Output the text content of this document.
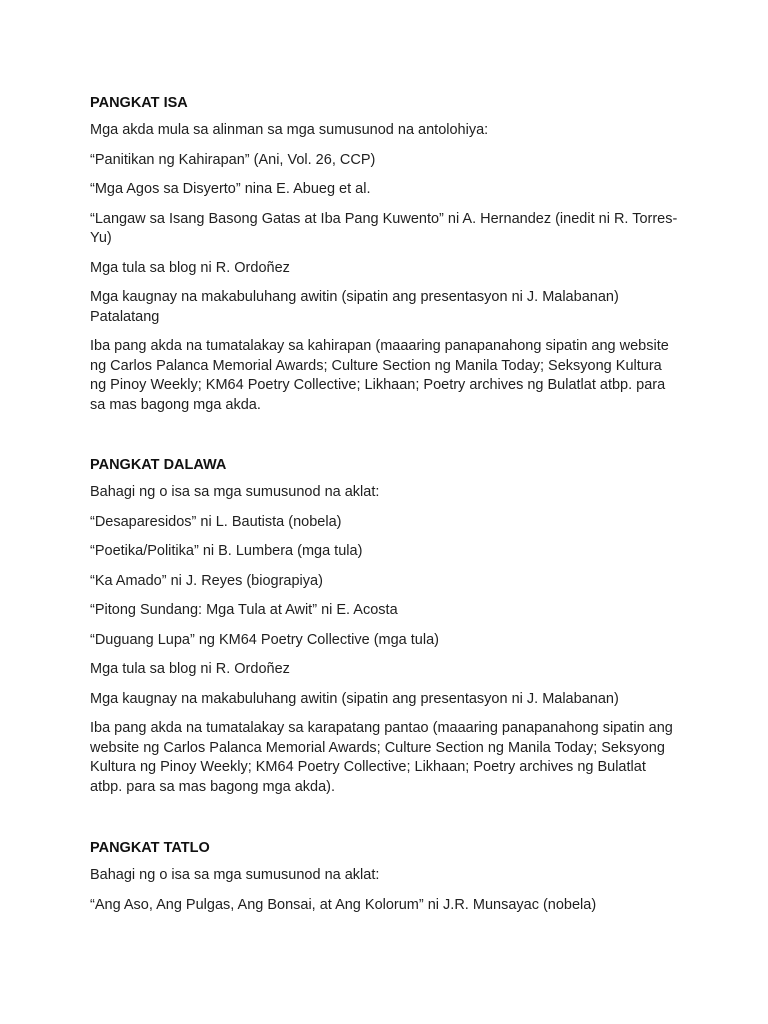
PANGKAT ISA
Mga akda mula sa alinman sa mga sumusunod na antolohiya:
“Panitikan ng Kahirapan” (Ani, Vol. 26, CCP)
“Mga Agos sa Disyerto” nina E. Abueg et al.
“Langaw sa Isang Basong Gatas at Iba Pang Kuwento” ni A. Hernandez (inedit ni R. Torres-Yu)
Mga tula sa blog ni R. Ordoñez
Mga kaugnay na makabuluhang awitin (sipatin ang presentasyon ni J. Malabanan) Patalatang
Iba pang akda na tumatalakay sa kahirapan (maaaring panapanahong sipatin ang website ng Carlos Palanca Memorial Awards; Culture Section ng Manila Today; Seksyong Kultura ng Pinoy Weekly; KM64 Poetry Collective; Likhaan; Poetry archives ng Bulatlat atbp. para sa mas bagong mga akda.
PANGKAT DALAWA
Bahagi ng o isa sa mga sumusunod na aklat:
“Desaparesidos” ni L. Bautista (nobela)
“Poetika/Politika” ni B. Lumbera (mga tula)
“Ka Amado” ni J. Reyes (biograpiya)
“Pitong Sundang: Mga Tula at Awit” ni E. Acosta
“Duguang Lupa” ng KM64 Poetry Collective (mga tula)
Mga tula sa blog ni R. Ordoñez
Mga kaugnay na makabuluhang awitin (sipatin ang presentasyon ni J. Malabanan)
Iba pang akda na tumatalakay sa karapatang pantao (maaaring panapanahong sipatin ang website ng Carlos Palanca Memorial Awards; Culture Section ng Manila Today; Seksyong Kultura ng Pinoy Weekly; KM64 Poetry Collective; Likhaan; Poetry archives ng Bulatlat atbp. para sa mas bagong mga akda).
PANGKAT TATLO
Bahagi ng o isa sa mga sumusunod na aklat:
“Ang Aso, Ang Pulgas, Ang Bonsai, at Ang Kolorum” ni J.R. Munsayac (nobela)
